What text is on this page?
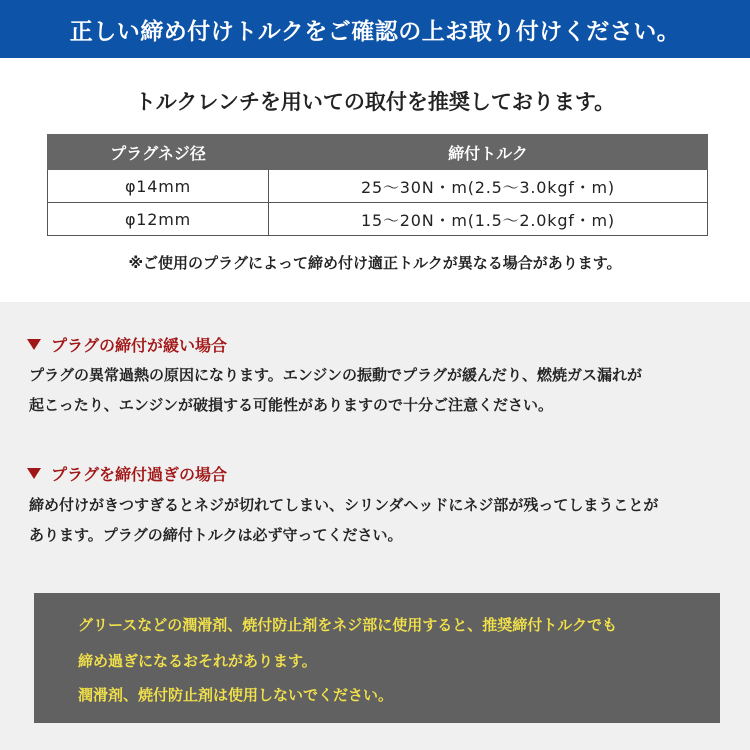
正しい締め付けトルクをご確認の上お取り付けください。
トルクレンチを用いての取付を推奨しております。
プラグネジ径	締付トルク
φ14mm	25〜30N・m(2.5〜3.0kgf・m)
φ12mm	15〜20N・m(1.5〜2.0kgf・m)
※ご使用のプラグによって締め付け適正トルクが異なる場合があります。
プラグの締付が緩い場合
プラグの異常過熱の原因になります。エンジンの振動でプラグが緩んだり、燃焼ガス漏れが
起こったり、エンジンが破損する可能性がありますので十分ご注意ください。
プラグを締付過ぎの場合
締め付けがきつすぎるとネジが切れてしまい、シリンダヘッドにネジ部が残ってしまうことが
あります。プラグの締付トルクは必ず守ってください。
グリースなどの潤滑剤、焼付防止剤をネジ部に使用すると、推奨締付トルクでも
締め過ぎになるおそれがあります。
潤滑剤、焼付防止剤は使用しないでください。
